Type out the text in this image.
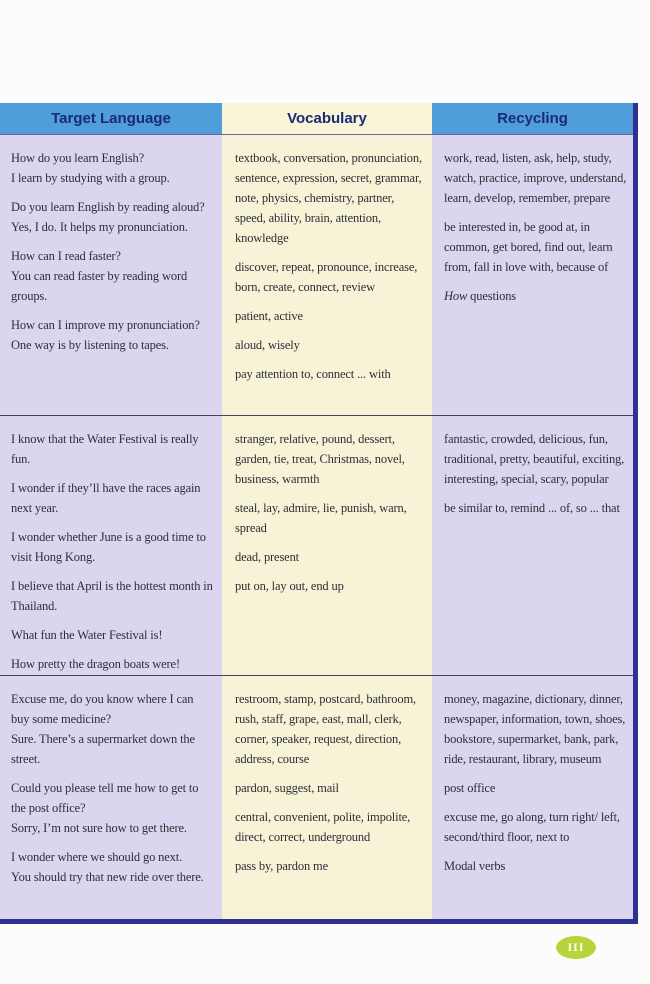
Target Language	Vocabulary	Recycling

How do you learn English?
I learn by studying with a group.

Do you learn English by reading aloud?
Yes, I do. It helps my pronunciation.

How can I read faster?
You can read faster by reading word groups.

How can I improve my pronunciation?
One way is by listening to tapes.

textbook, conversation, pronunciation, sentence, expression, secret, grammar, note, physics, chemistry, partner, speed, ability, brain, attention, knowledge

discover, repeat, pronounce, increase, born, create, connect, review

patient, active

aloud, wisely

pay attention to, connect ... with

work, read, listen, ask, help, study, watch, practice, improve, understand, learn, develop, remember, prepare

be interested in, be good at, in common, get bored, find out, learn from, fall in love with, because of

How questions

I know that the Water Festival is really fun.

I wonder if they’ll have the races again next year.

I wonder whether June is a good time to visit Hong Kong.

I believe that April is the hottest month in Thailand.

What fun the Water Festival is!

How pretty the dragon boats were!

stranger, relative, pound, dessert, garden, tie, treat, Christmas, novel, business, warmth

steal, lay, admire, lie, punish, warn, spread

dead, present

put on, lay out, end up

fantastic, crowded, delicious, fun, traditional, pretty, beautiful, exciting, interesting, special, scary, popular

be similar to, remind ... of, so ... that

Excuse me, do you know where I can buy some medicine?
Sure. There’s a supermarket down the street.

Could you please tell me how to get to the post office?
Sorry, I’m not sure how to get there.

I wonder where we should go next.
You should try that new ride over there.

restroom, stamp, postcard, bathroom, rush, staff, grape, east, mall, clerk, corner, speaker, request, direction, address, course

pardon, suggest, mail

central, convenient, polite, impolite, direct, correct, underground

pass by, pardon me

money, magazine, dictionary, dinner, newspaper, information, town, shoes, bookstore, supermarket, bank, park, ride, restaurant, library, museum

post office

excuse me, go along, turn right/ left, second/third floor, next to

Modal verbs

III
